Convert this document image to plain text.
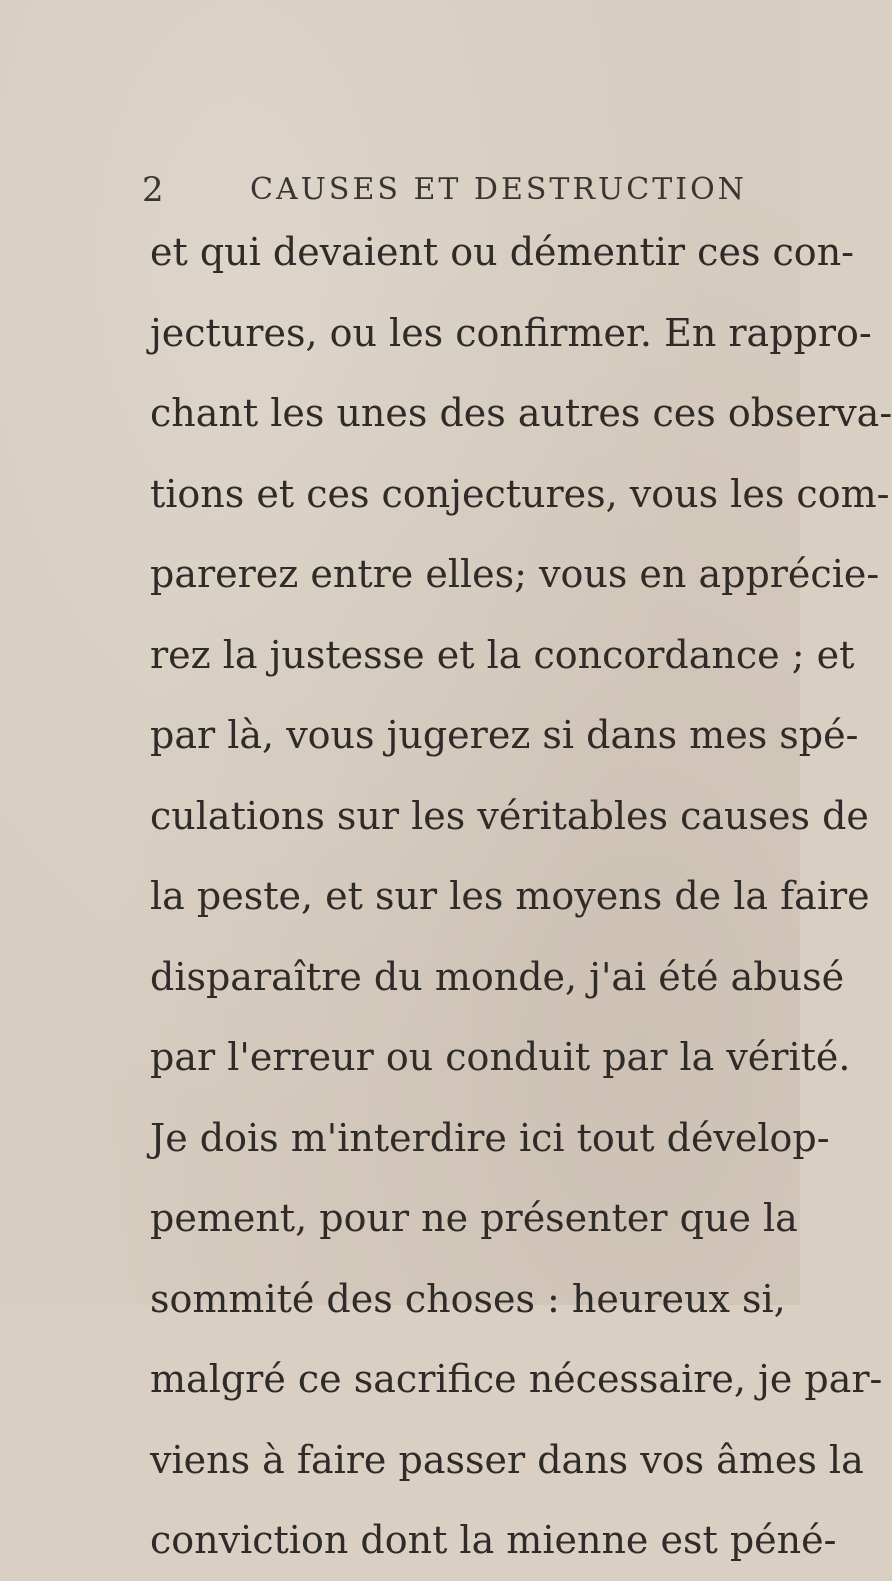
2	CAUSES ET DESTRUCTION
et qui devaient ou démentir ces con-
jectures, ou les confirmer. En rappro-
chant les unes des autres ces observa-
tions et ces conjectures, vous les com-
parerez entre elles; vous en apprécie-
rez la justesse et la concordance ; et
par là, vous jugerez si dans mes spé-
culations sur les véritables causes de
la peste, et sur les moyens de la faire
disparaître du monde, j'ai été abusé
par l'erreur ou conduit par la vérité.
Je dois m'interdire ici tout dévelop-
pement, pour ne présenter que la
sommité des choses : heureux si,
malgré ce sacrifice nécessaire, je par-
viens à faire passer dans vos âmes la
conviction dont la mienne est péné-
